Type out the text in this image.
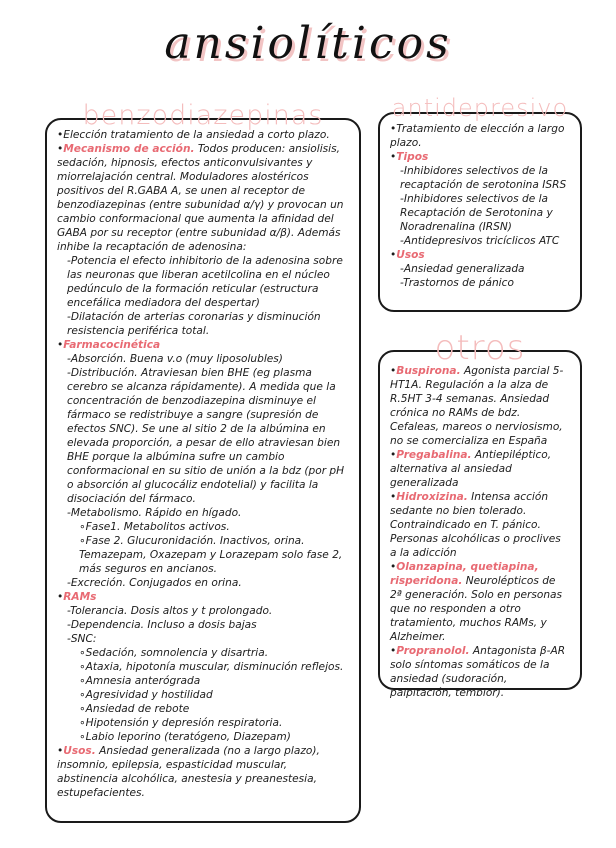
ansiolíticos
benzodiazepinas

•Elección tratamiento de la ansiedad a corto plazo.

•Mecanismo de acción. Todos producen: ansiolisis, sedación, hipnosis, efectos anticonvulsivantes y miorrelajación central. Moduladores alostéricos positivos del R.GABA A, se unen al receptor de benzodiazepinas (entre subunidad α/γ) y provocan un cambio conformacional que aumenta la afinidad del GABA por su receptor (entre subunidad α/β). Además inhibe la recaptación de adenosina:

-Potencia el efecto inhibitorio de la adenosina sobre las neuronas que liberan acetilcolina en el núcleo pedúnculo de la formación reticular (estructura encefálica mediadora del despertar)

-Dilatación de arterias coronarias y disminución resistencia periférica total.

•Farmacocinética

-Absorción. Buena v.o (muy liposolubles)

-Distribución. Atraviesan bien BHE (eg plasma cerebro se alcanza rápidamente). A medida que la concentración de benzodiazepina disminuye el fármaco se redistribuye a sangre (supresión de efectos SNC). Se une al sitio 2 de la albúmina en elevada proporción, a pesar de ello atraviesan bien BHE porque la albúmina sufre un cambio conformacional en su sitio de unión a la bdz (por pH o absorción al glucocáliz endotelial) y facilita la disociación del fármaco.

-Metabolismo. Rápido en hígado.

∘Fase1. Metabolitos activos.

∘Fase 2. Glucuronidación. Inactivos, orina. Temazepam, Oxazepam y Lorazepam solo fase 2, más seguros en ancianos.

-Excreción. Conjugados en orina.

•RAMs

-Tolerancia. Dosis altos y t prolongado.

-Dependencia. Incluso a dosis bajas

-SNC:

∘Sedación, somnolencia y disartria.

∘Ataxia, hipotonía muscular, disminución reflejos.

∘Amnesia anterógrada

∘Agresividad y hostilidad

∘Ansiedad de rebote

∘Hipotensión y depresión respiratoria.

∘Labio leporino (teratógeno, Diazepam)

•Usos. Ansiedad generalizada (no a largo plazo), insomnio, epilepsia, espasticidad muscular, abstinencia alcohólica, anestesia y preanestesia, estupefacientes.

antidepresivo

•Tratamiento de elección a largo plazo.

•Tipos

-Inhibidores selectivos de la recaptación de serotonina ISRS

-Inhibidores selectivos de la Recaptación de Serotonina y Noradrenalina (IRSN)

-Antidepresivos tricíclicos ATC

•Usos

-Ansiedad generalizada

-Trastornos de pánico

otros

•Buspirona. Agonista parcial 5-HT1A. Regulación a la alza de R.5HT 3-4 semanas. Ansiedad crónica no RAMs de bdz. Cefaleas, mareos o nerviosismo, no se comercializa en España

•Pregabalina. Antiepiléptico, alternativa al ansiedad generalizada

•Hidroxizina. Intensa acción sedante no bien tolerado. Contraindicado en T. pánico. Personas alcohólicas o proclives a la adicción

•Olanzapina, quetiapina, risperidona. Neurolépticos de 2ª generación. Solo en personas que no responden a otro tratamiento, muchos RAMs, y Alzheimer.

•Propranolol. Antagonista β-AR solo síntomas somáticos de la ansiedad (sudoración, palpitación, temblor).
